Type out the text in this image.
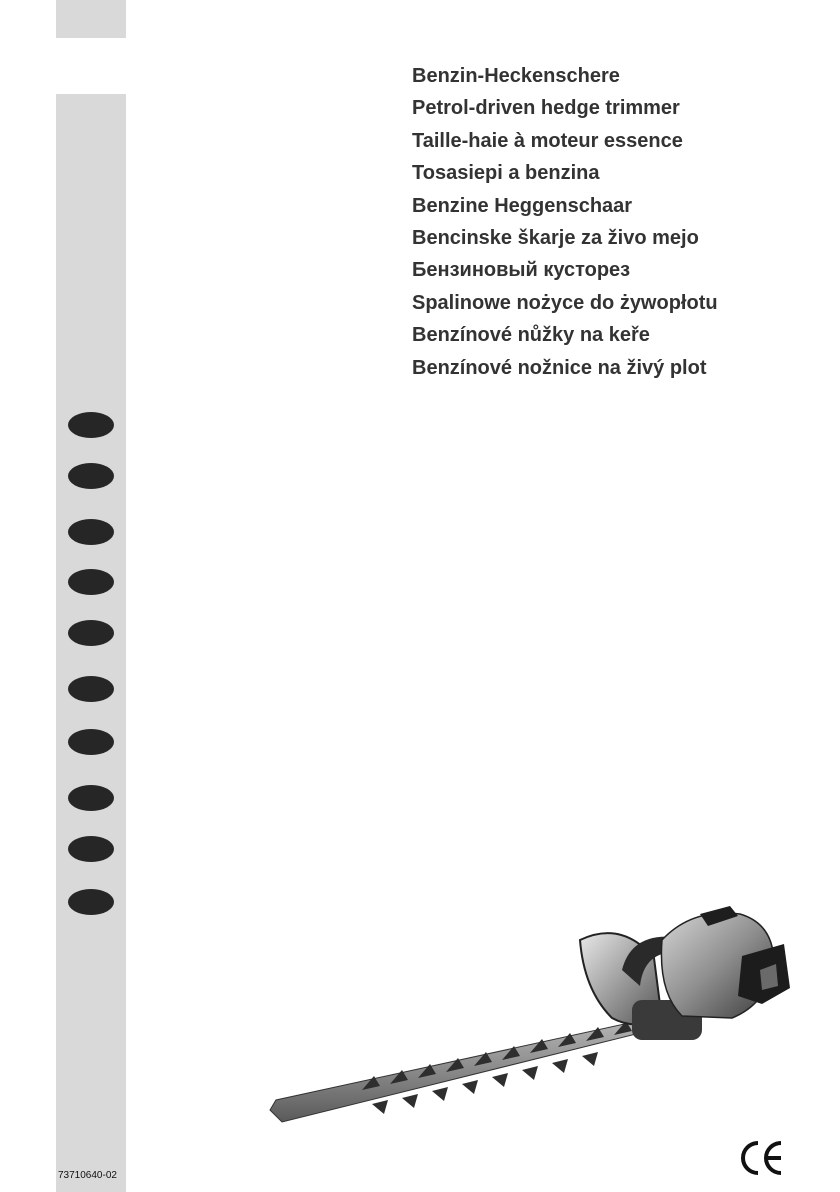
Benzin-Heckenschere
Petrol-driven hedge trimmer
Taille-haie à moteur essence
Tosasiepi a benzina
Benzine Heggenschaar
Bencinske škarje za živo mejo
Бензиновый кусторез
Spalinowe nożyce do żywopłotu
Benzínové nůžky na keře
Benzínové nožnice na živý plot
73710640-02
